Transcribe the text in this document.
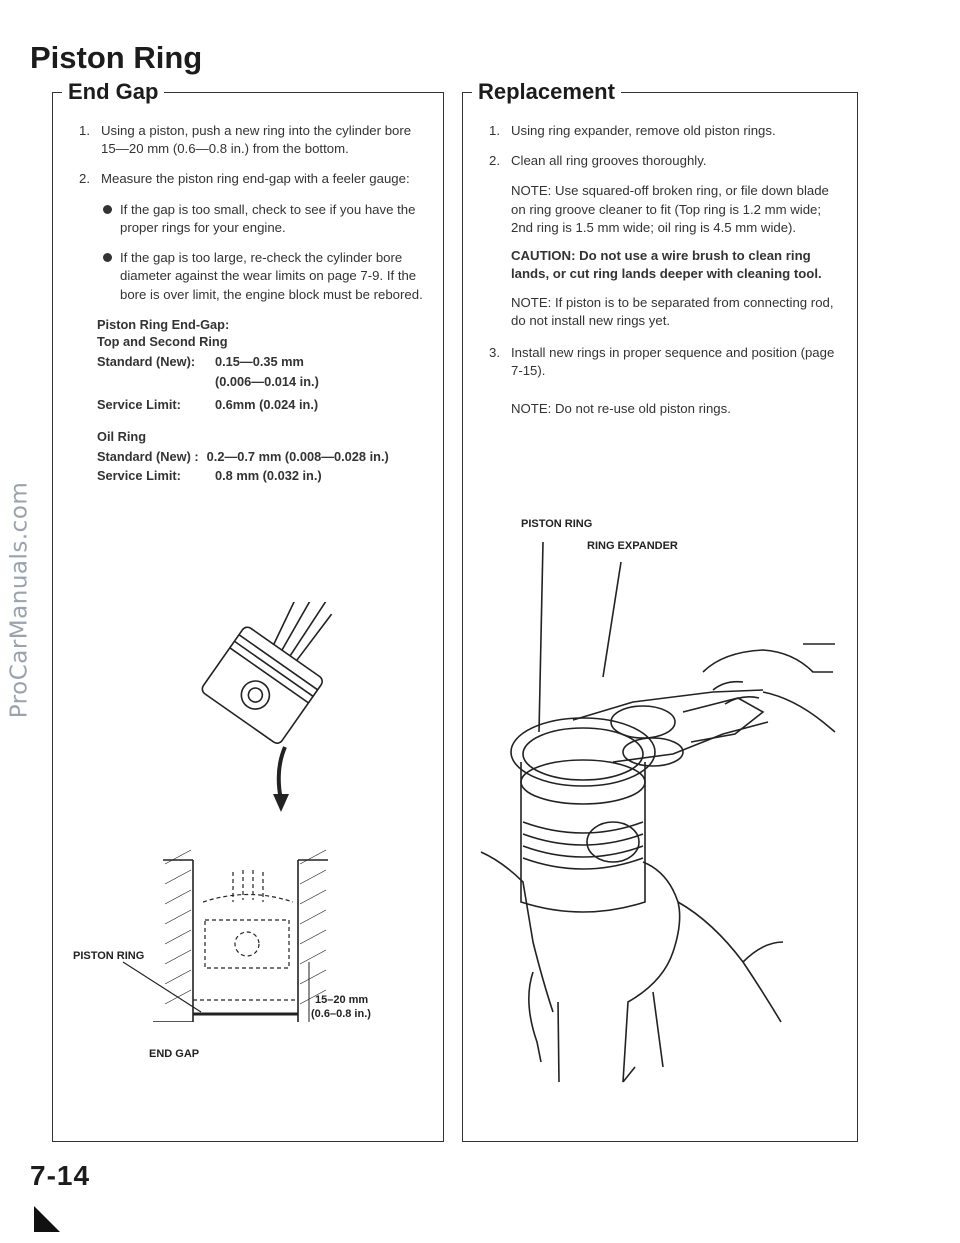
ProCarManuals.com
Piston Ring
End Gap
1. Using a piston, push a new ring into the cylinder bore 15—20 mm (0.6—0.8 in.) from the bottom.
2. Measure the piston ring end-gap with a feeler gauge:
If the gap is too small, check to see if you have the proper rings for your engine.
If the gap is too large, re-check the cylinder bore diameter against the wear limits on page 7-9. If the bore is over limit, the engine block must be rebored.
Piston Ring End-Gap:
Top and Second Ring
Standard (New):	0.15—0.35 mm
(0.006—0.014 in.)
Service Limit:	0.6mm (0.024 in.)
Oil Ring
Standard (New) : 0.2—0.7 mm (0.008—0.028 in.)
Service Limit:	0.8 mm (0.032 in.)
PISTON RING
15–20 mm
(0.6–0.8 in.)
END GAP
Replacement
1. Using ring expander, remove old piston rings.
2. Clean all ring grooves thoroughly.
NOTE: Use squared-off broken ring, or file down blade on ring groove cleaner to fit (Top ring is 1.2 mm wide; 2nd ring is 1.5 mm wide; oil ring is 4.5 mm wide).
CAUTION: Do not use a wire brush to clean ring lands, or cut ring lands deeper with cleaning tool.
NOTE: If piston is to be separated from connecting rod, do not install new rings yet.
3. Install new rings in proper sequence and position (page 7-15).
NOTE: Do not re-use old piston rings.
PISTON RING
RING EXPANDER
7-14
